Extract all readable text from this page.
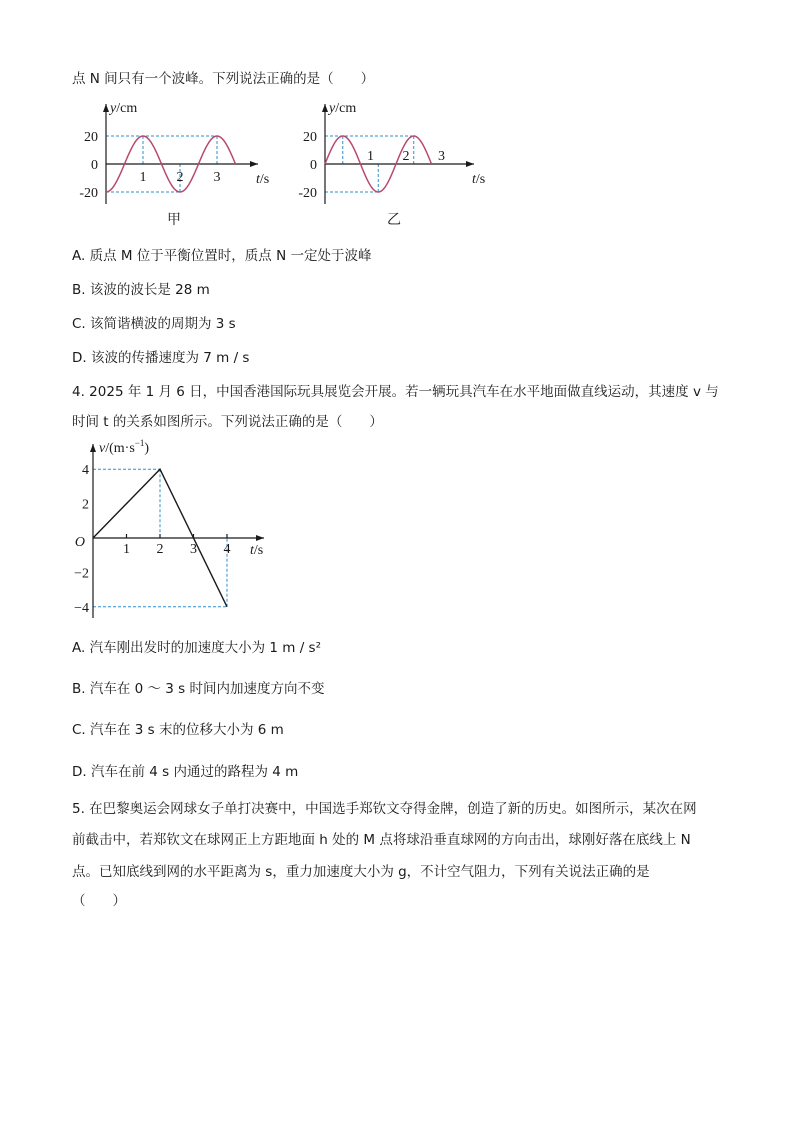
点 N 间只有一个波峰。下列说法正确的是（　　）
20
0
-20
1 2 3
y/cm
t/s
甲
20
0
-20
1 2 3
y/cm
t/s
乙
A. 质点 M 位于平衡位置时，质点 N 一定处于波峰
B. 该波的波长是 28 m
C. 该简谐横波的周期为 3 s
D. 该波的传播速度为 7 m / s
4. 2025 年 1 月 6 日，中国香港国际玩具展览会开展。若一辆玩具汽车在水平地面做直线运动，其速度 v 与
时间 t 的关系如图所示。下列说法正确的是（　　）
4
2
−2
−4
1 2 3 4
O
$v/(m\cdot s^{-1})$
t/s
A. 汽车刚出发时的加速度大小为 1 m / s²
B. 汽车在 0 ～ 3 s 时间内加速度方向不变
C. 汽车在 3 s 末的位移大小为 6 m
D. 汽车在前 4 s 内通过的路程为 4 m
5. 在巴黎奥运会网球女子单打决赛中，中国选手郑钦文夺得金牌，创造了新的历史。如图所示，某次在网
前截击中，若郑钦文在球网正上方距地面 h 处的 M 点将球沿垂直球网的方向击出，球刚好落在底线上 N
点。已知底线到网的水平距离为 s，重力加速度大小为 g，不计空气阻力，下列有关说法正确的是
（　　）
